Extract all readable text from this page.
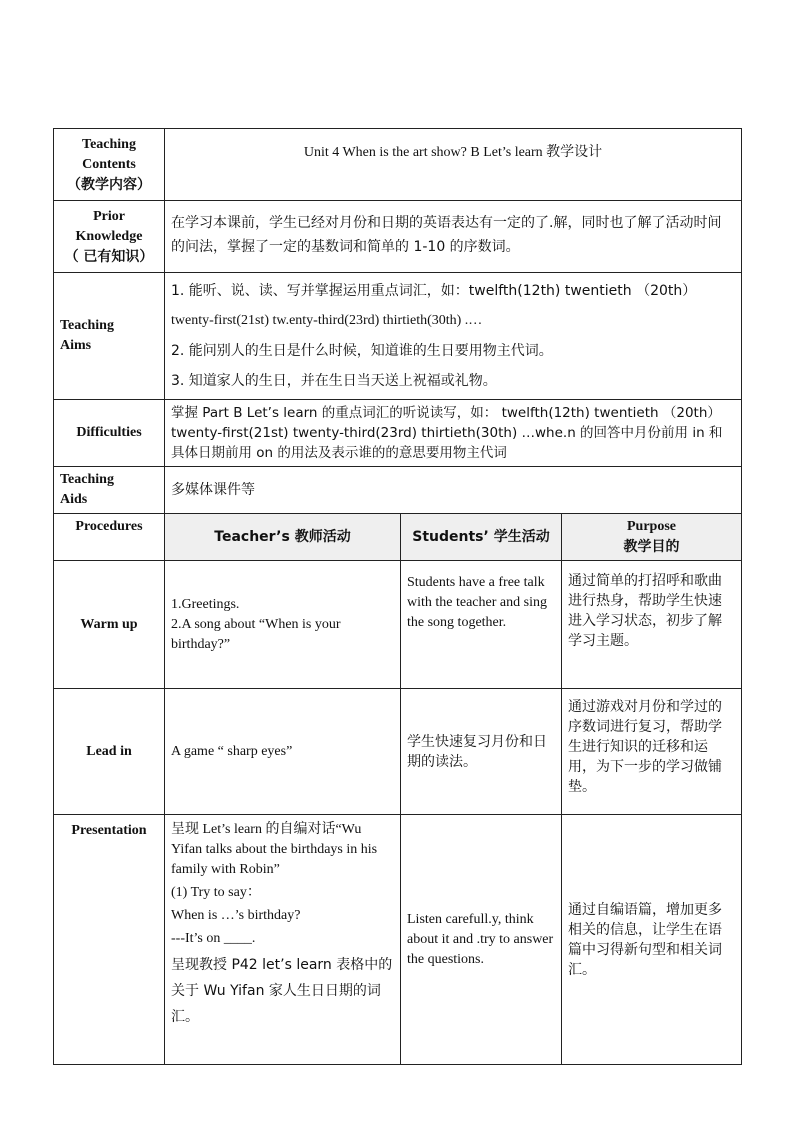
Teaching
Contents
（教学内容）	Unit 4 When is the art show? B Let’s learn 教学设计		

Prior
Knowledge
（ 已有知识）	在学习本课前，学生已经对月份和日期的英语表达有一定的了.解，同时也了解了活动时间的问法，掌握了一定的基数词和简单的 1-10 的序数词。		

Teaching
Aims	1. 能听、说、读、写并掌握运用重点词汇，如：twelfth(12th) twentieth （20th）
twenty-first(21st) tw.enty-third(23rd) thirtieth(30th) .…
2. 能问别人的生日是什么时候，知道谁的生日要用物主代词。
3. 知道家人的生日，并在生日当天送上祝福或礼物。		

Difficulties	掌握 Part B Let’s learn 的重点词汇的听说读写，如： twelfth(12th) twentieth （20th）twenty-first(21st) twenty-third(23rd) thirtieth(30th) …whe.n 的回答中月份前用 in 和具体日期前用 on 的用法及表示谁的的意思要用物主代词		

Teaching
Aids	多媒体课件等		
Procedures	Teacher’s 教师活动	Students’ 学生活动	Purpose
教学目的

Warm up	1.Greetings.
2.A song about “When is your birthday?”	Students have a free talk with the teacher and sing the song together.	通过简单的打招呼和歌曲进行热身，帮助学生快速进入学习状态，初步了解学习主题。
Lead in	A game “ sharp eyes”	学生快速复习月份和日期的读法。	通过游戏对月份和学过的序数词进行复习，帮助学生进行知识的迁移和运用，为下一步的学习做铺垫。
Presentation	呈现 Let’s learn 的自编对话“Wu Yifan talks about the birthdays in his family with Robin”
(1) Try to say：
When is …’s birthday?
---It’s on ____.
呈现教授 P42 let’s learn 表格中的关于 Wu Yifan 家人生日日期的词汇。	Listen carefull.y, think about it and .try to answer the questions.	通过自编语篇，增加更多相关的信息，让学生在语篇中习得新句型和相关词汇。
